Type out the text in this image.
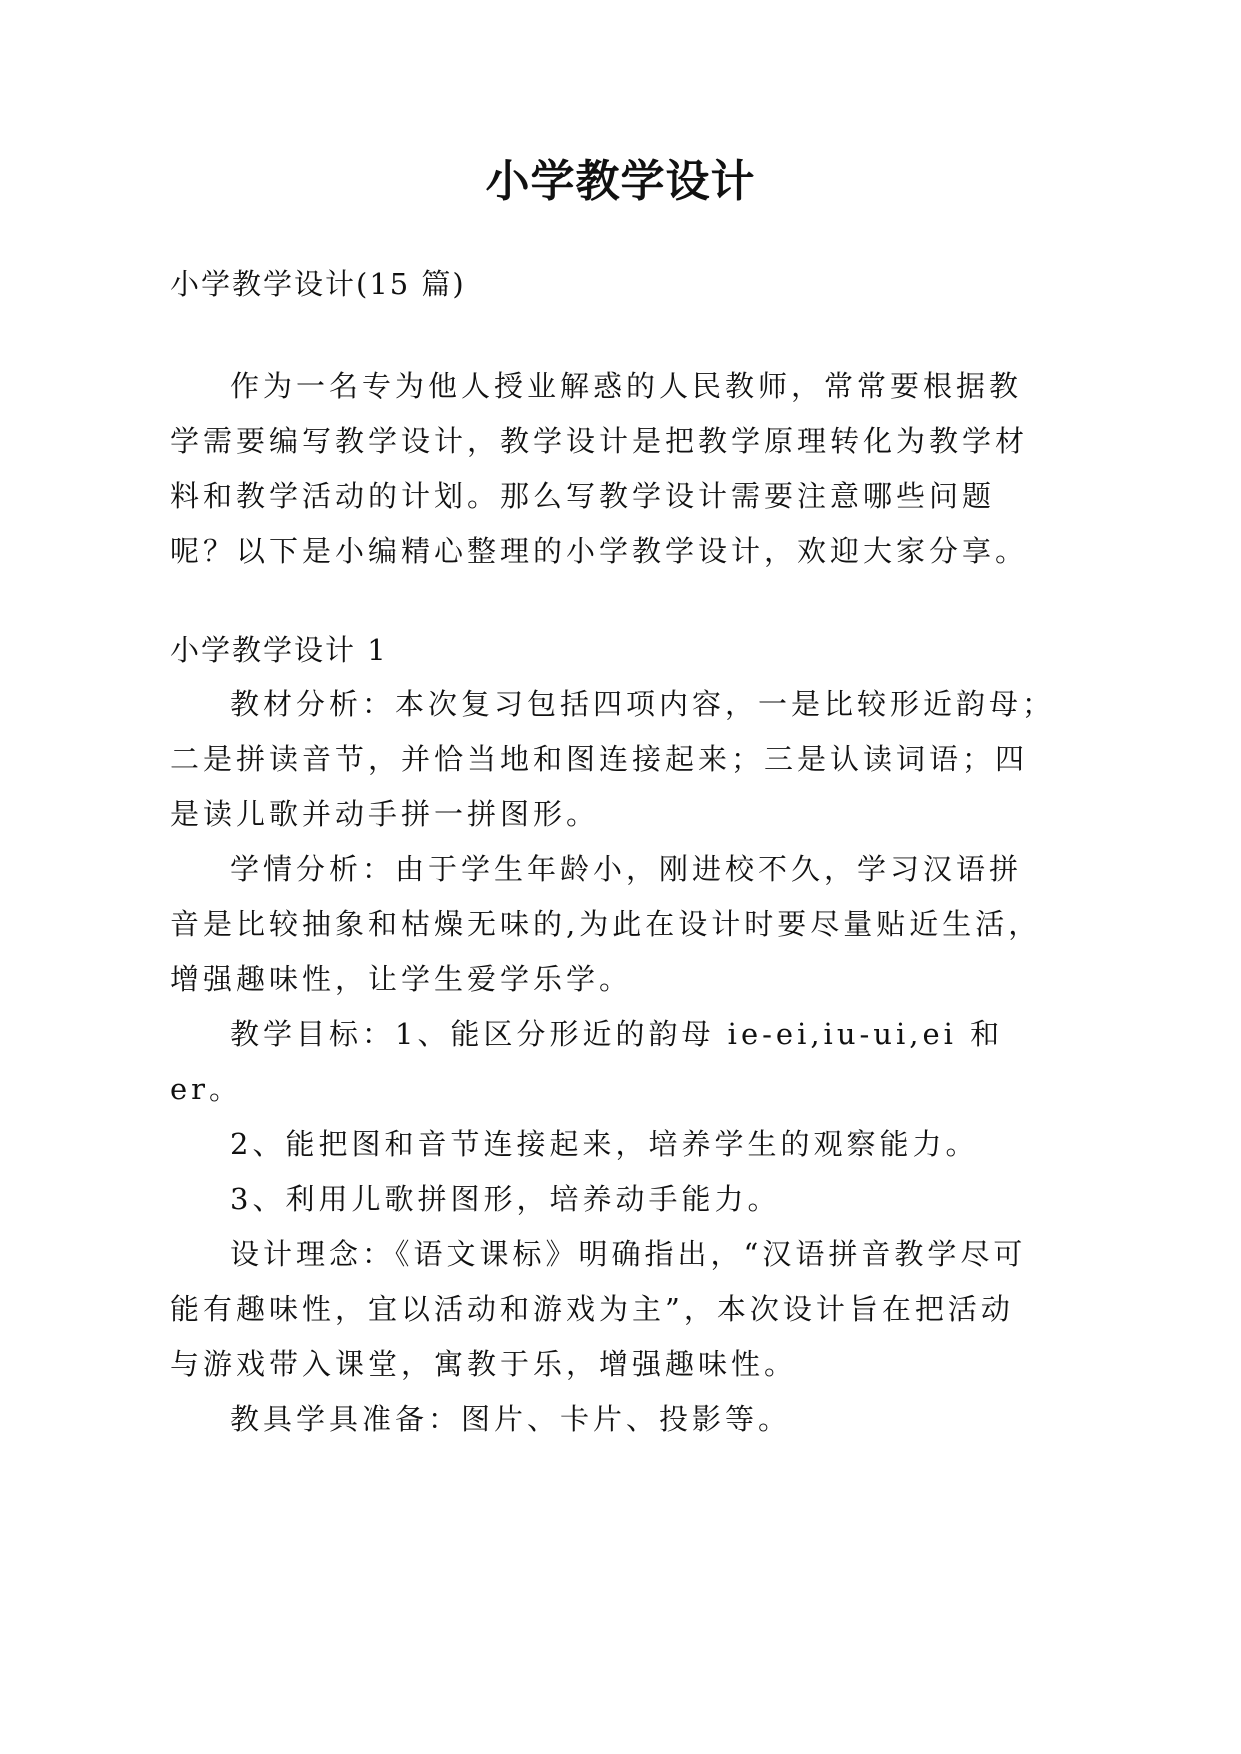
小学教学设计
小学教学设计(15 篇)
作为一名专为他人授业解惑的人民教师，常常要根据教
学需要编写教学设计，教学设计是把教学原理转化为教学材
料和教学活动的计划。那么写教学设计需要注意哪些问题
呢？以下是小编精心整理的小学教学设计，欢迎大家分享。
小学教学设计 1
教材分析：本次复习包括四项内容，一是比较形近韵母；
二是拼读音节，并恰当地和图连接起来；三是认读词语；四
是读儿歌并动手拼一拼图形。
学情分析：由于学生年龄小，刚进校不久，学习汉语拼
音是比较抽象和枯燥无味的,为此在设计时要尽量贴近生活，
增强趣味性，让学生爱学乐学。
教学目标：1、能区分形近的韵母 ie-ei,iu-ui,ei 和
er。
2、能把图和音节连接起来，培养学生的观察能力。
3、利用儿歌拼图形，培养动手能力。
设计理念：《语文课标》明确指出，“汉语拼音教学尽可
能有趣味性，宜以活动和游戏为主”，本次设计旨在把活动
与游戏带入课堂，寓教于乐，增强趣味性。
教具学具准备：图片、卡片、投影等。
